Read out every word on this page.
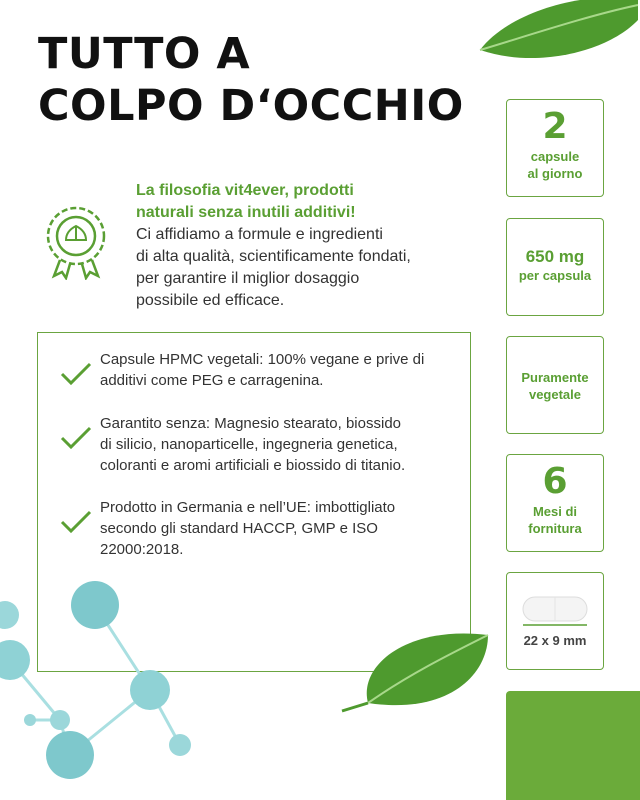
TUTTO A
COLPO D‘OCCHIO
La filosofia vit4ever, prodotti
naturali senza inutili additivi!
Ci affidiamo a formule e ingredienti
di alta qualità, scientificamente fondati,
per garantire il miglior dosaggio
possibile ed efficace.
Capsule HPMC vegetali: 100% vegane e prive di
additivi come PEG e carragenina.
Garantito senza: Magnesio stearato, biossido
di silicio, nanoparticelle, ingegneria genetica,
coloranti e aromi artificiali e biossido di titanio.
Prodotto in Germania e nell’UE: imbottigliato
secondo gli standard HACCP, GMP e ISO
22000:2018.
2
capsule
al giorno
650 mg
per capsula
Puramente
vegetale
6
Mesi di
fornitura
22 x 9 mm
